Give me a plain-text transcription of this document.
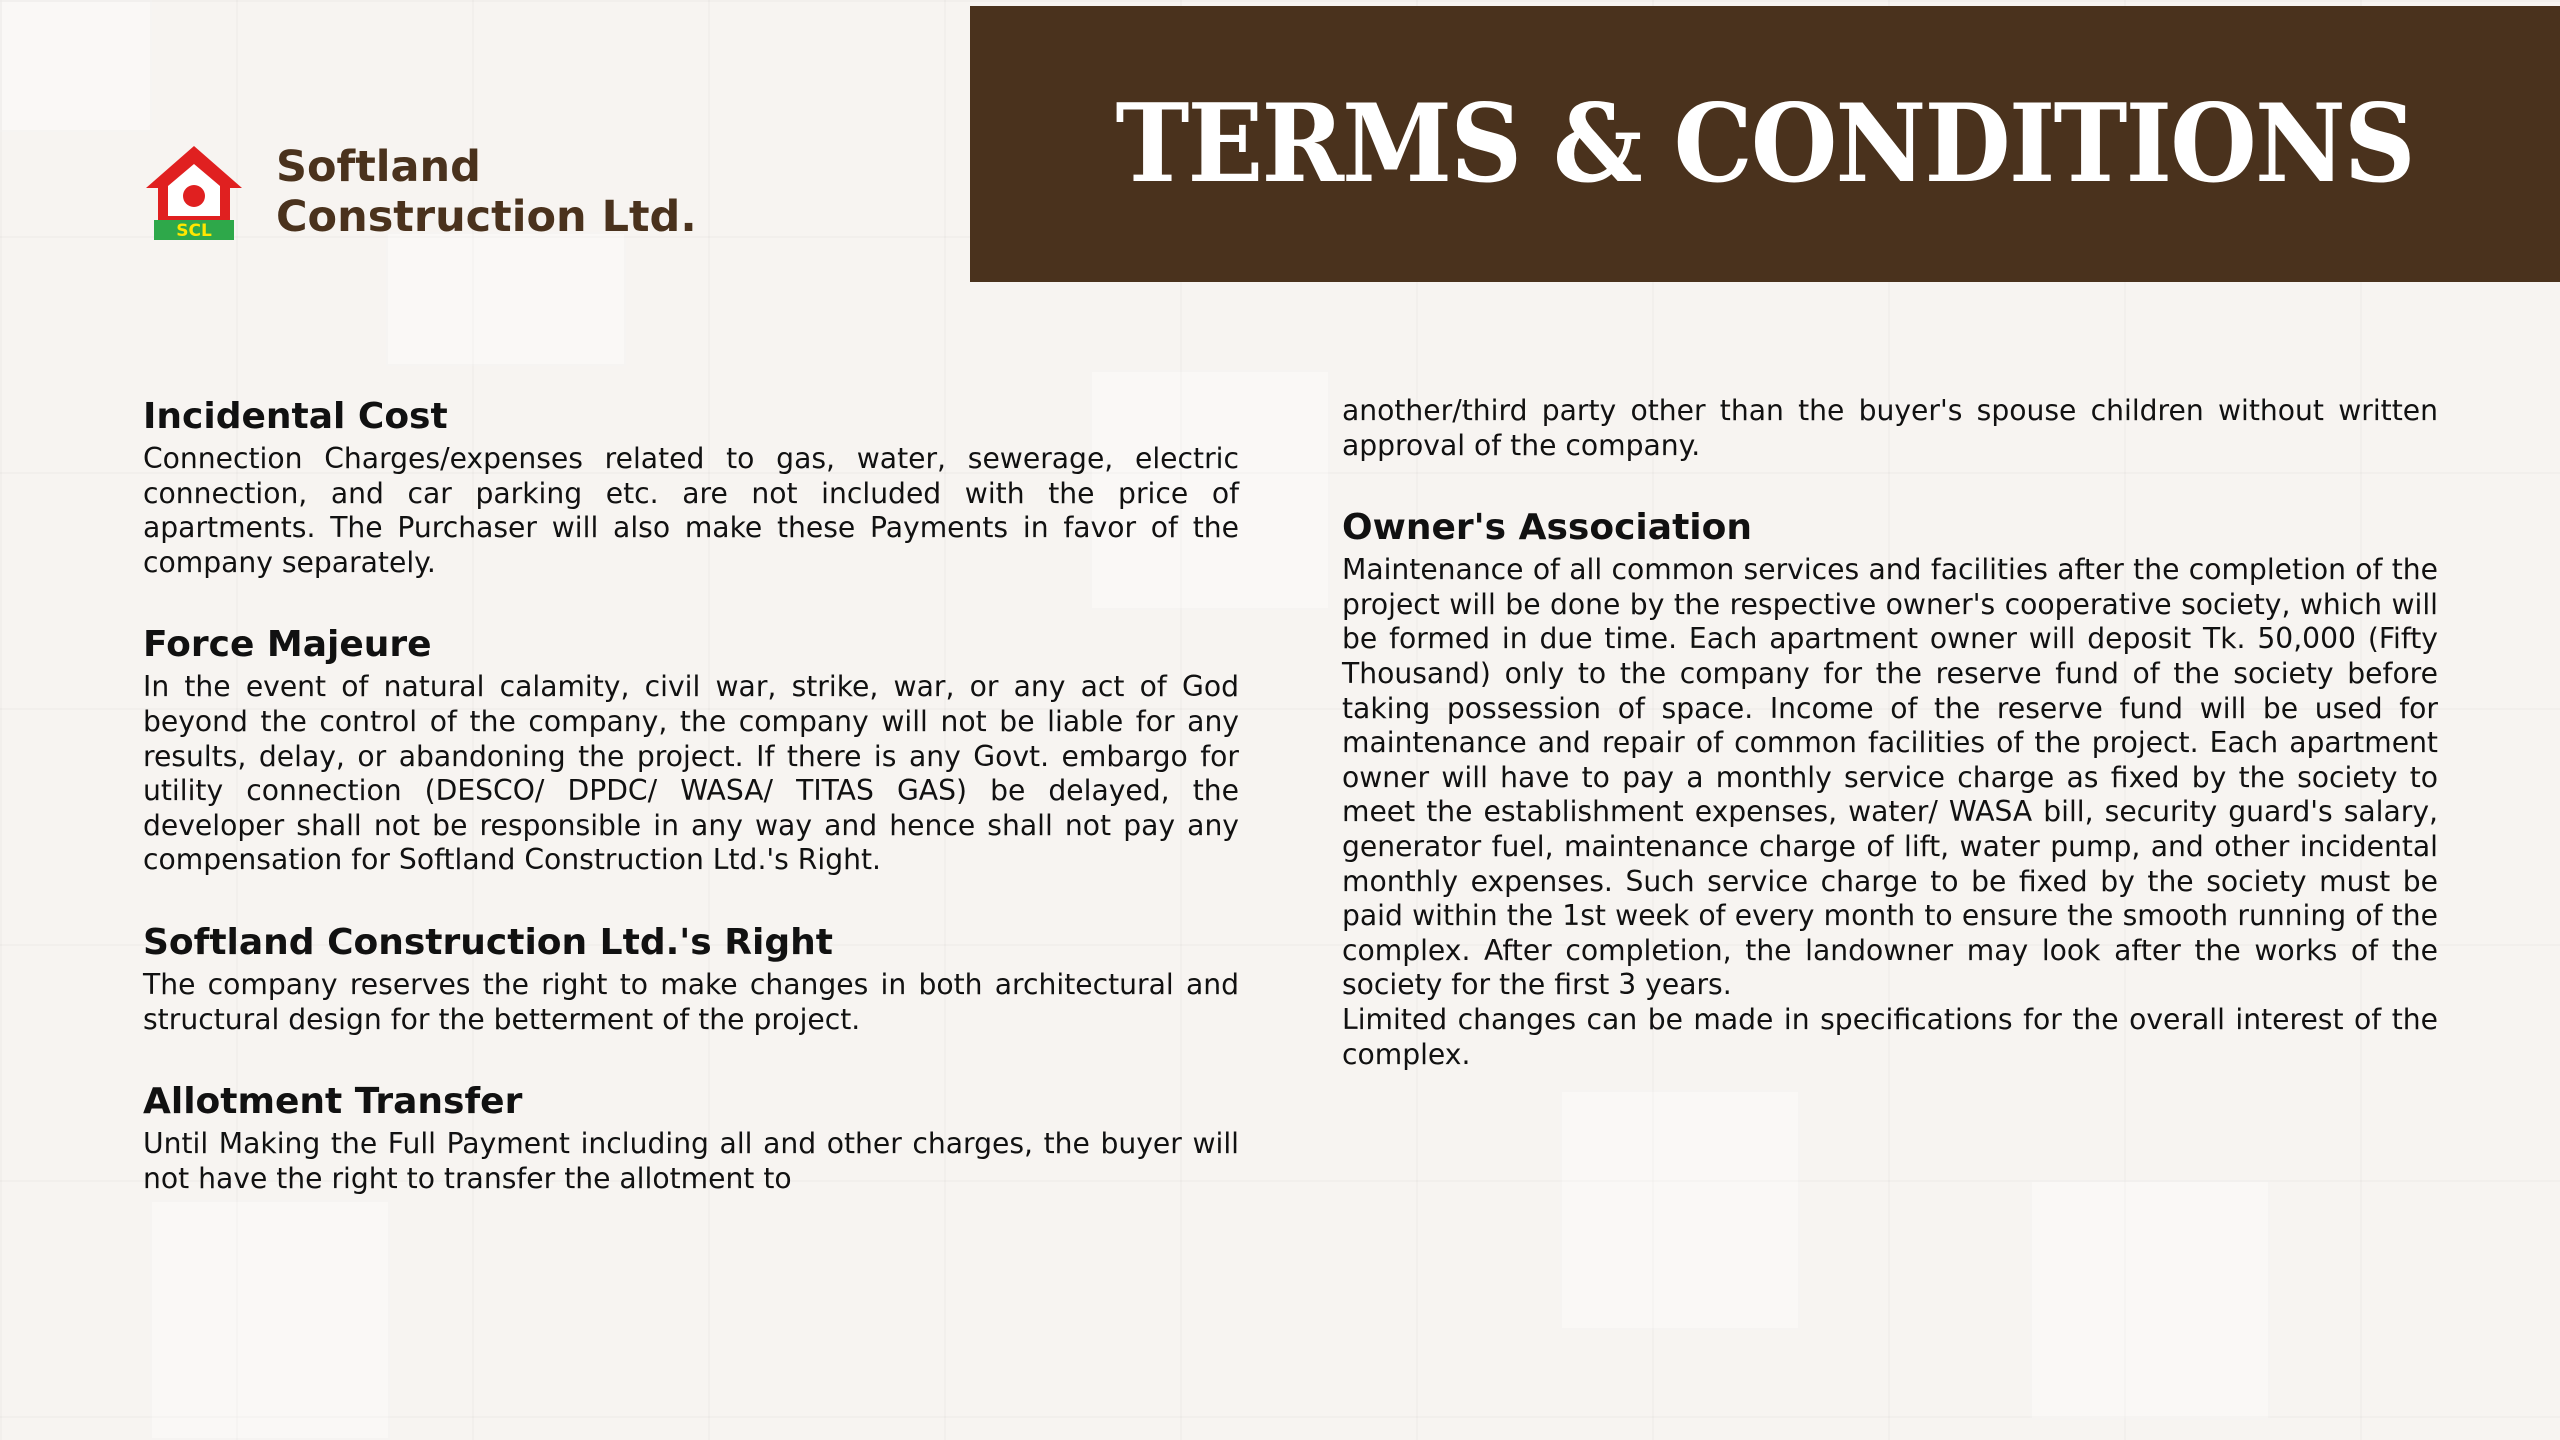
TERMS & CONDITIONS
SCL
Softland
Construction Ltd.
Incidental Cost

Connection Charges/expenses related to gas, water, sewerage, electric connection, and car parking etc. are not included with the price of apartments. The Purchaser will also make these Payments in favor of the company separately.

Force Majeure

In the event of natural calamity, civil war, strike, war, or any act of God beyond the control of the company, the company will not be liable for any results, delay, or abandoning the project. If there is any Govt. embargo for utility connection (DESCO/ DPDC/ WASA/ TITAS GAS) be delayed, the developer shall not be responsible in any way and hence shall not pay any compensation for Softland Construction Ltd.'s Right.

Softland Construction Ltd.'s Right

The company reserves the right to make changes in both architectural and structural design for the betterment of the project.

Allotment Transfer

Until Making the Full Payment including all and other charges, the buyer will not have the right to transfer the allotment to

another/third party other than the buyer's spouse children without written approval of the company.

Owner's Association

Maintenance of all common services and facilities after the completion of the project will be done by the respective owner's cooperative society, which will be formed in due time. Each apartment owner will deposit Tk. 50,000 (Fifty Thousand) only to the company for the reserve fund of the society before taking possession of space. Income of the reserve fund will be used for maintenance and repair of common facilities of the project. Each apartment owner will have to pay a monthly service charge as fixed by the society to meet the establishment expenses, water/ WASA bill, security guard's salary, generator fuel, maintenance charge of lift, water pump, and other incidental monthly expenses. Such service charge to be fixed by the society must be paid within the 1st week of every month to ensure the smooth running of the complex. After completion, the landowner may look after the works of the society for the first 3 years.

Limited changes can be made in specifications for the overall interest of the complex.
